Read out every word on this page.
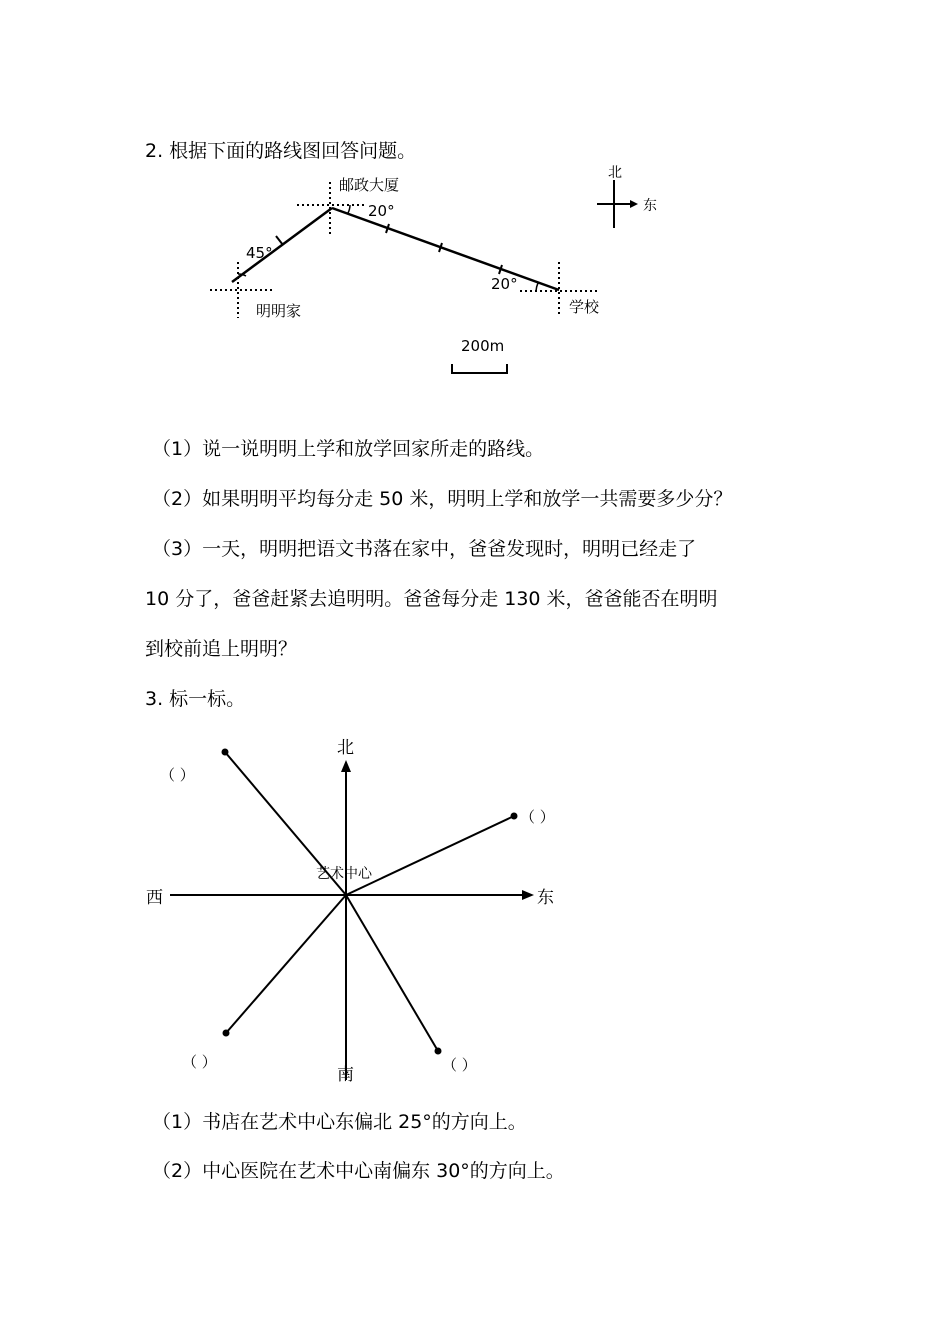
2. 根据下面的路线图回答问题。
邮政大厦
明明家	学校
45°
20°
20°
200m
北
东
北
南
东
西
艺术中心
（ ）
（ ）
（ ）	（ ）
（1）说一说明明上学和放学回家所走的路线。
（2）如果明明平均每分走 50 米，明明上学和放学一共需要多少分？
（3）一天，明明把语文书落在家中，爸爸发现时，明明已经走了
10 分了，爸爸赶紧去追明明。爸爸每分走 130 米，爸爸能否在明明
到校前追上明明？
3. 标一标。
（1）书店在艺术中心东偏北 25°的方向上。
（2）中心医院在艺术中心南偏东 30°的方向上。
